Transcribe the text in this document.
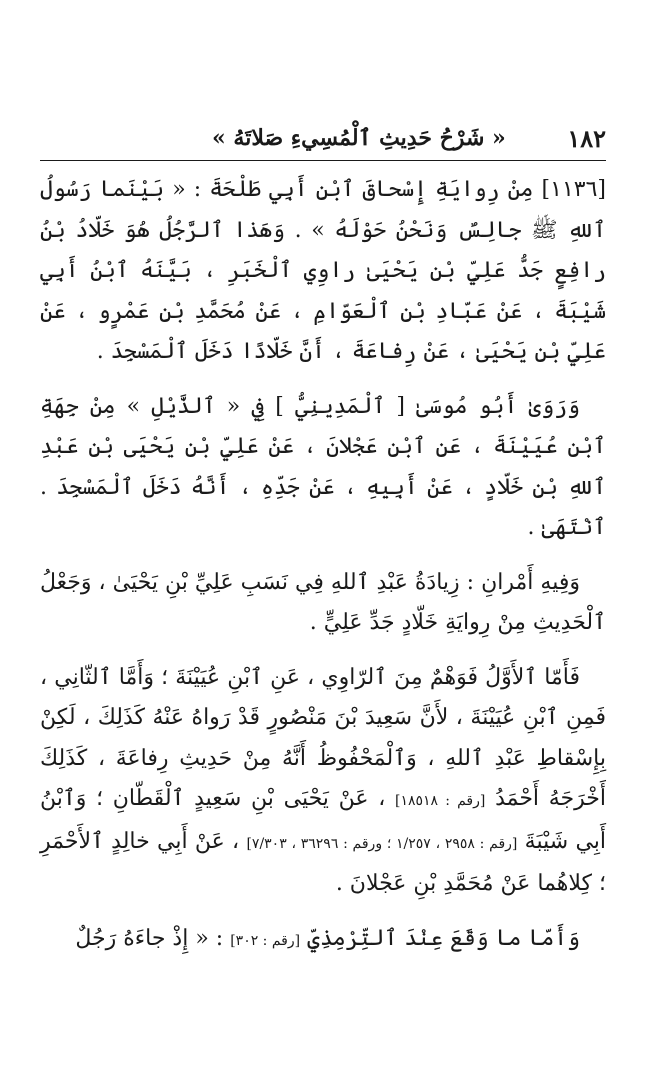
١٨٢
« شَرْحُ حَدِيثِ ٱلْمُسِيءِ صَلاتَهُ »

[١١٣٦] مِنْ رِوايَةِ إِسْحاقَ ٱبْنِ أَبِي طَلْحَةَ : « بَيْنَما رَسُولُ ٱللهِ ﷺ جالِسٌ وَنَحْنُ حَوْلَهُ » . وَهَذا ٱلرَّجُلُ هُوَ خَلّادُ بْنُ رافِعٍ جَدُّ عَلِيِّ بْنِ يَحْيَىٰ راوِي ٱلْخَبَرِ ، بَيَّنَهُ ٱبْنُ أَبِي شَيْبَةَ ، عَنْ عَبّادِ بْنِ ٱلْعَوّامِ ، عَنْ مُحَمَّدِ بْنِ عَمْرٍو ، عَنْ عَلِيِّ بْنِ يَحْيَىٰ ، عَنْ رِفاعَةَ ، أَنَّ خَلّادًا دَخَلَ ٱلْمَسْجِدَ .

وَرَوَىٰ أَبُو مُوسَىٰ [ ٱلْمَدِينِيُّ ] فِي « ٱلذَّيْلِ » مِنْ جِهَةِ ٱبْنِ عُيَيْنَةَ ، عَنِ ٱبْنِ عَجْلانَ ، عَنْ عَلِيِّ بْنِ يَحْيَى بْنِ عَبْدِ ٱللهِ بْنِ خَلّادٍ ، عَنْ أَبِيهِ ، عَنْ جَدِّهِ ، أَنَّهُ دَخَلَ ٱلْمَسْجِدَ . ٱنْتَهَىٰ .

وَفِيهِ أَمْرانِ : زِيادَةُ عَبْدِ ٱللهِ فِي نَسَبِ عَلِيِّ بْنِ يَحْيَىٰ ، وَجَعْلُ ٱلْحَدِيثِ مِنْ رِوايَةِ خَلّادٍ جَدِّ عَلِيٍّ .

فَأَمّا ٱلأَوَّلُ فَوَهْمٌ مِنَ ٱلرّاوِي ، عَنِ ٱبْنِ عُيَيْنَةَ ؛ وَأَمَّا ٱلثّانِي ، فَمِنِ ٱبْنِ عُيَيْنَةَ ، لأَنَّ سَعِيدَ بْنَ مَنْصُورٍ قَدْ رَواهُ عَنْهُ كَذَلِكَ ، لَكِنْ بِإِسْقاطِ عَبْدِ ٱللهِ ، وَٱلْمَحْفُوظُ أَنَّهُ مِنْ حَدِيثِ رِفاعَةَ ، كَذَلِكَ أَخْرَجَهُ أَحْمَدُ [رقم : ١٨٥١٨] ، عَنْ يَحْيَى بْنِ سَعِيدٍ ٱلْقَطّانِ ؛ وَٱبْنُ أَبِي شَيْبَةَ [رقم : ٢٩٥٨ ، ١/٢٥٧ ؛ ورقم : ٣٦٢٩٦ ، ٧/٣٠٣] ، عَنْ أَبِي خالِدٍ ٱلأَحْمَرِ ؛ كِلاهُما عَنْ مُحَمَّدِ بْنِ عَجْلانَ .

وَأَمّا ما وَقَعَ عِنْدَ ٱلتِّرْمِذِيِّ [رقم : ٣٠٢] : « إِذْ جاءَهُ رَجُلٌ
